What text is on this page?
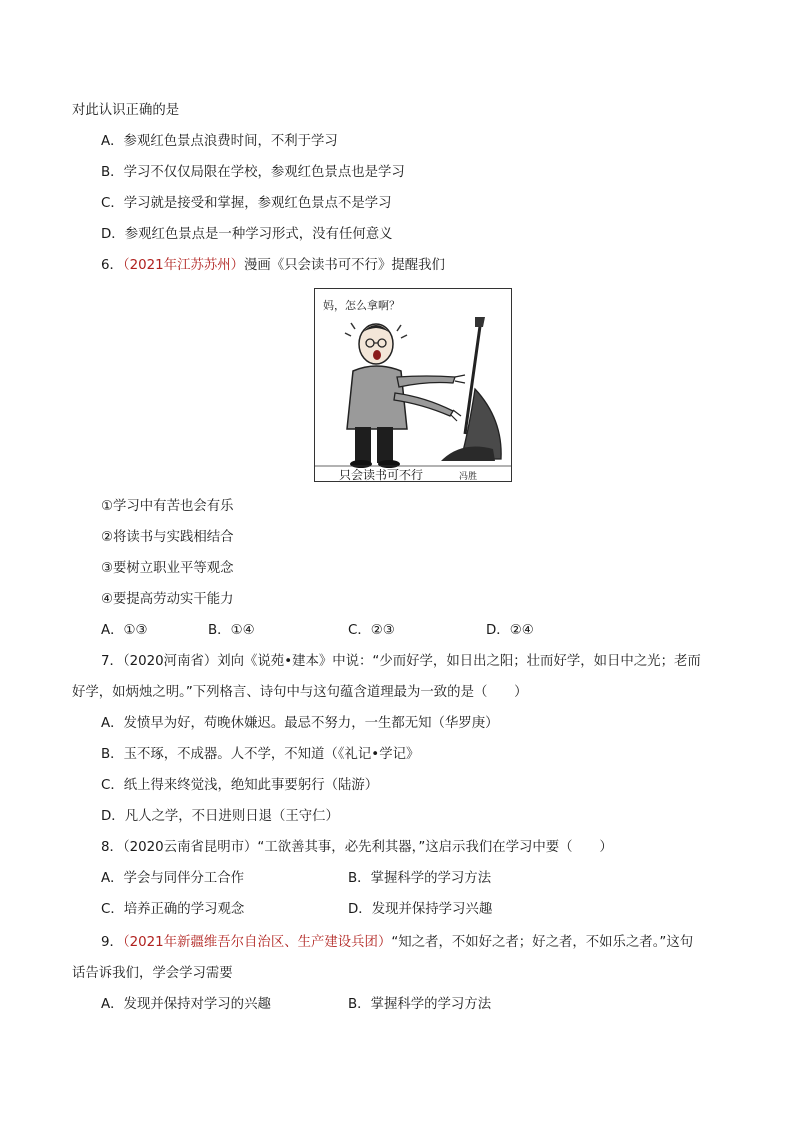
对此认识正确的是
A．参观红色景点浪费时间，不利于学习
B．学习不仅仅局限在学校，参观红色景点也是学习
C．学习就是接受和掌握，参观红色景点不是学习
D．参观红色景点是一种学习形式，没有任何意义
6．（2021年江苏苏州）漫画《只会读书可不行》提醒我们
妈，怎么拿啊？
只会读书可不行	冯胜
①学习中有苦也会有乐
②将读书与实践相结合
③要树立职业平等观念
④要提高劳动实干能力
A．①③	B．①④	C．②③	D．②④
7．（2020河南省）刘向《说苑•建本》中说：“少而好学，如日出之阳；壮而好学，如日中之光；老而
好学，如炳烛之明。”下列格言、诗句中与这句蕴含道理最为一致的是（　　）
A．发愤早为好，苟晚休嫌迟。最忌不努力，一生都无知（华罗庚）
B．玉不琢，不成器。人不学，不知道（《礼记•学记》
C．纸上得来终觉浅，绝知此事要躬行（陆游）
D．凡人之学，不日进则日退（王守仁）
8．（2020云南省昆明市）“工欲善其事，必先利其器，”这启示我们在学习中要（　　）
A．学会与同伴分工合作	B．掌握科学的学习方法
C．培养正确的学习观念	D．发现并保持学习兴趣
9．（2021年新疆维吾尔自治区、生产建设兵团）“知之者，不如好之者；好之者，不如乐之者。”这句
话告诉我们，学会学习需要
A．发现并保持对学习的兴趣	B．掌握科学的学习方法
